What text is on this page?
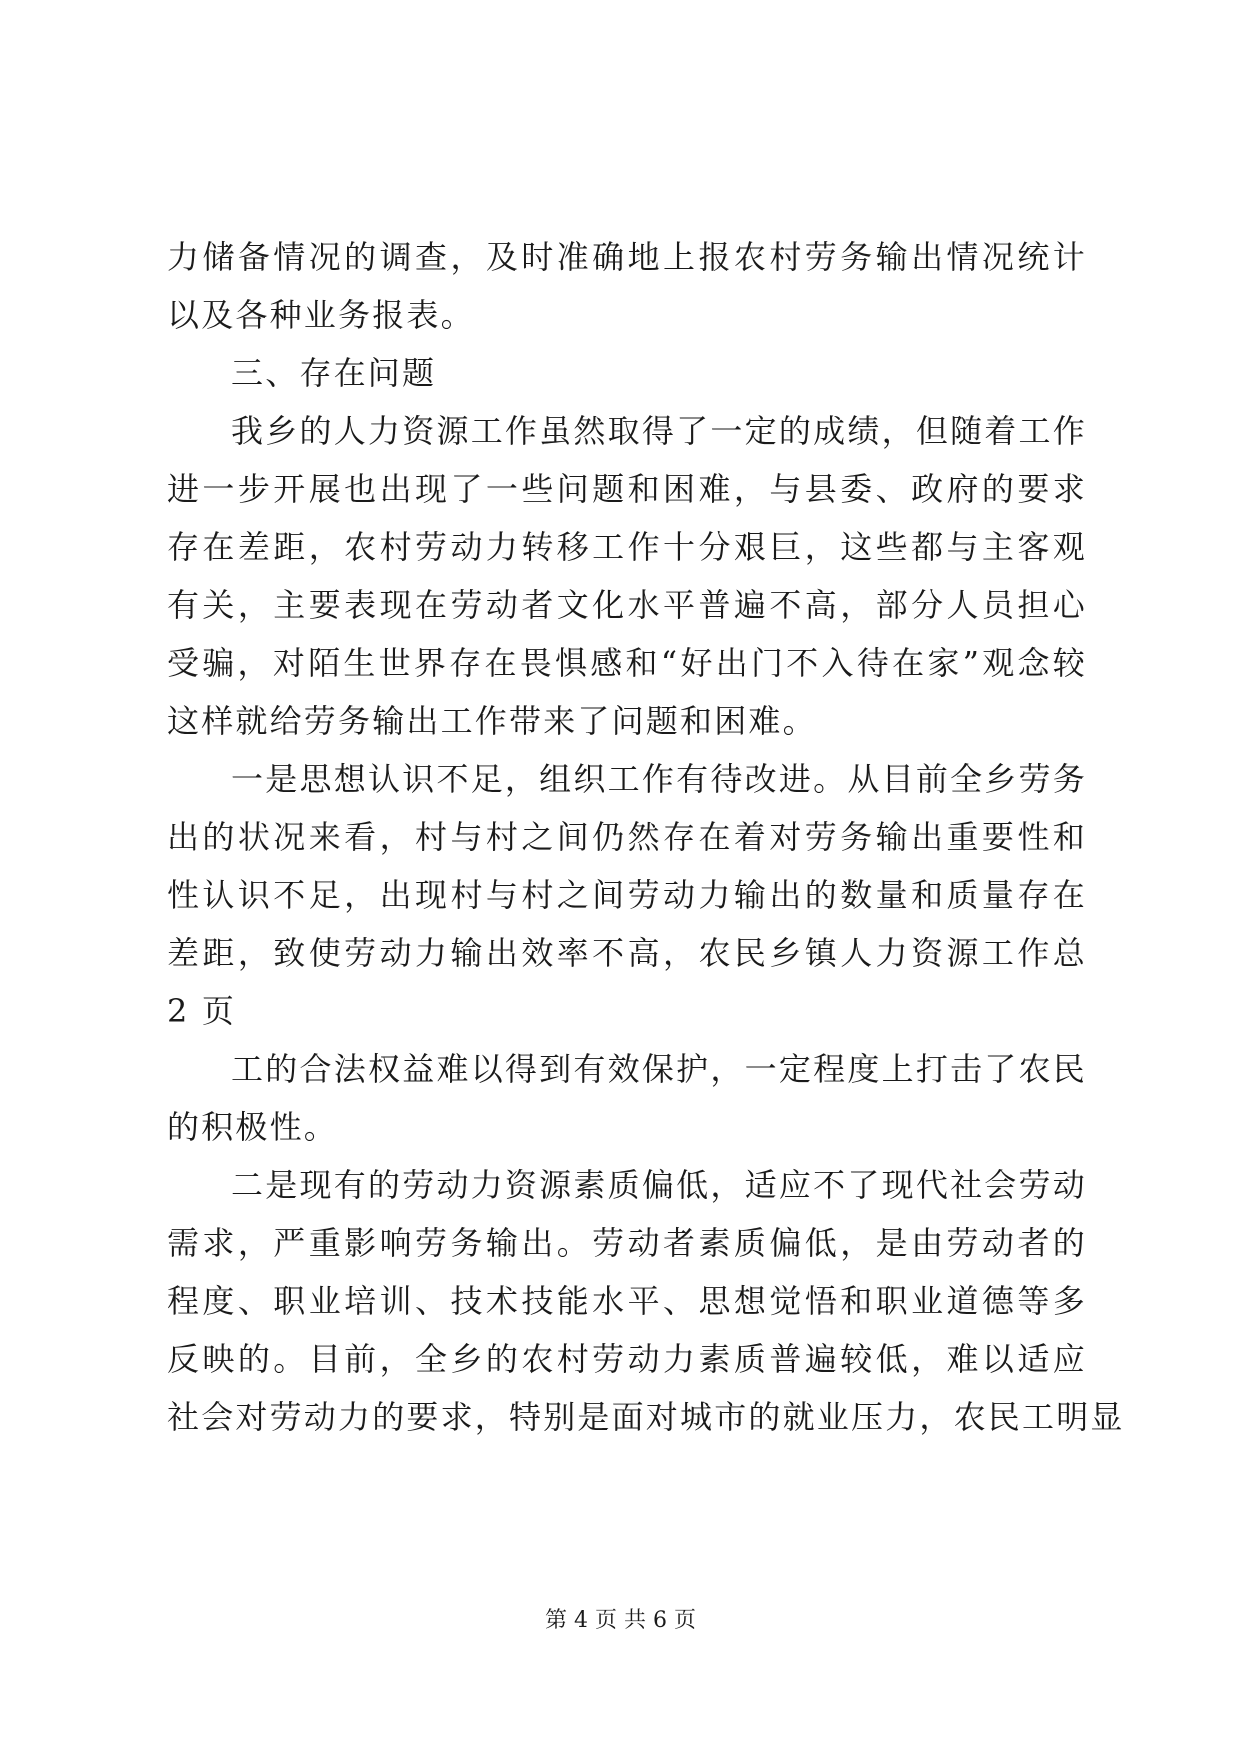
力储备情况的调查，及时准确地上报农村劳务输出情况统计
以及各种业务报表。
三、存在问题
我乡的人力资源工作虽然取得了一定的成绩，但随着工作
进一步开展也出现了一些问题和困难，与县委、政府的要求
存在差距，农村劳动力转移工作十分艰巨，这些都与主客观
有关，主要表现在劳动者文化水平普遍不高，部分人员担心
受骗，对陌生世界存在畏惧感和“好出门不入待在家”观念较
这样就给劳务输出工作带来了问题和困难。
一是思想认识不足，组织工作有待改进。从目前全乡劳务
出的状况来看，村与村之间仍然存在着对劳务输出重要性和
性认识不足，出现村与村之间劳动力输出的数量和质量存在
差距，致使劳动力输出效率不高，农民乡镇人力资源工作总
2 页
工的合法权益难以得到有效保护，一定程度上打击了农民
的积极性。
二是现有的劳动力资源素质偏低，适应不了现代社会劳动
需求，严重影响劳务输出。劳动者素质偏低，是由劳动者的
程度、职业培训、技术技能水平、思想觉悟和职业道德等多
反映的。目前，全乡的农村劳动力素质普遍较低，难以适应
社会对劳动力的要求，特别是面对城市的就业压力，农民工明显
第 4 页 共 6 页
